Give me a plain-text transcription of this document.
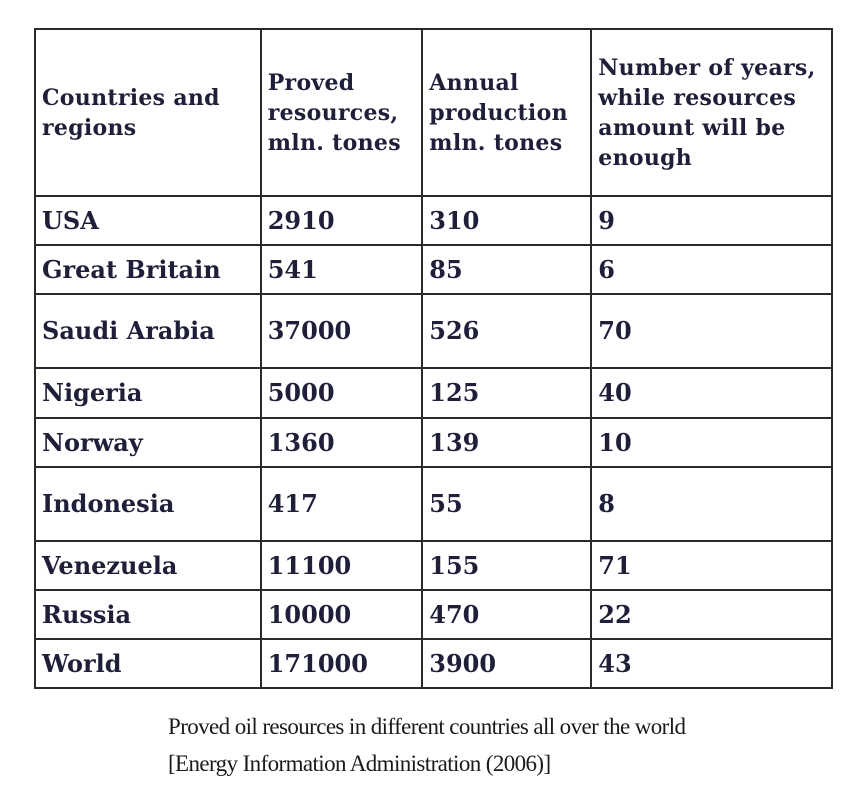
Countries and regions	Proved resources, mln. tones	Annual production mln. tones	Number of years, while resources amount will be enough
USA	2910	310	9
Great Britain	541	85	6
Saudi Arabia	37000	526	70
Nigeria	5000	125	40
Norway	1360	139	10
Indonesia	417	55	8
Venezuela	11100	155	71
Russia	10000	470	22
World	171000	3900	43
Proved oil resources in different countries all over the world
[Energy Information Administration (2006)]
